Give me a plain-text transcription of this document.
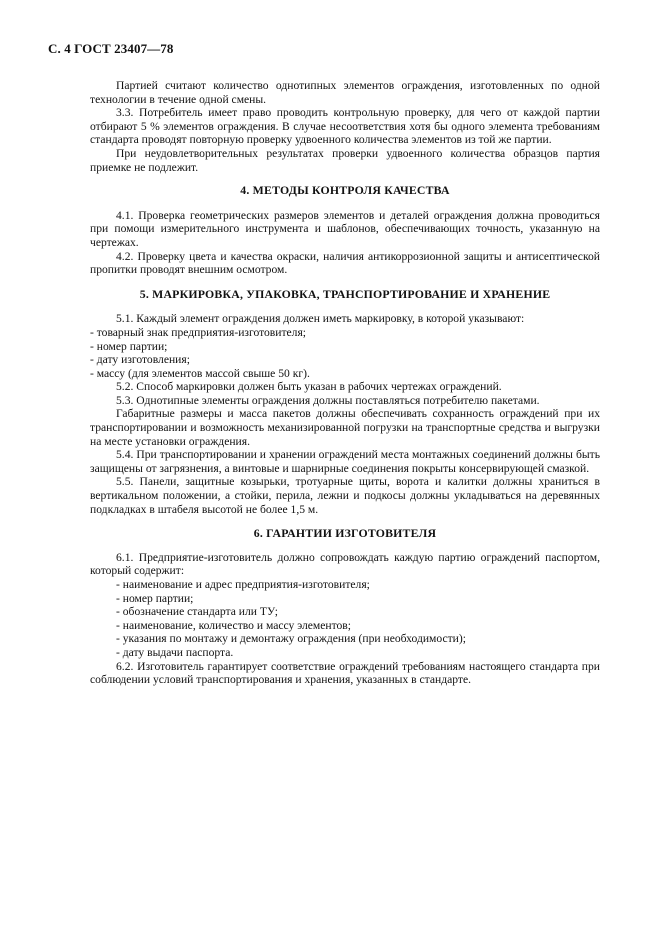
С. 4 ГОСТ 23407—78

Партией считают количество однотипных элементов ограждения, изготовленных по одной технологии в течение одной смены.

3.3. Потребитель имеет право проводить контрольную проверку, для чего от каждой партии отбирают 5 % элементов ограждения. В случае несоответствия хотя бы одного элемента требованиям стандарта проводят повторную проверку удвоенного количества элементов из той же партии.

При неудовлетворительных результатах проверки удвоенного количества образцов партия приемке не подлежит.

4. МЕТОДЫ КОНТРОЛЯ КАЧЕСТВА

4.1. Проверка геометрических размеров элементов и деталей ограждения должна проводиться при помощи измерительного инструмента и шаблонов, обеспечивающих точность, указанную на чертежах.

4.2. Проверку цвета и качества окраски, наличия антикоррозионной защиты и антисептической пропитки проводят внешним осмотром.

5. МАРКИРОВКА, УПАКОВКА, ТРАНСПОРТИРОВАНИЕ И ХРАНЕНИЕ

5.1. Каждый элемент ограждения должен иметь маркировку, в которой указывают:

- товарный знак предприятия-изготовителя;

- номер партии;

- дату изготовления;

- массу (для элементов массой свыше 50 кг).

5.2. Способ маркировки должен быть указан в рабочих чертежах ограждений.

5.3. Однотипные элементы ограждения должны поставляться потребителю пакетами.

Габаритные размеры и масса пакетов должны обеспечивать сохранность ограждений при их транспортировании и возможность механизированной погрузки на транспортные средства и выгрузки на месте установки ограждения.

5.4. При транспортировании и хранении ограждений места монтажных соединений должны быть защищены от загрязнения, а винтовые и шарнирные соединения покрыты консервирующей смазкой.

5.5. Панели, защитные козырьки, тротуарные щиты, ворота и калитки должны храниться в вертикальном положении, а стойки, перила, лежни и подкосы должны укладываться на деревянных подкладках в штабеля высотой не более 1,5 м.

6. ГАРАНТИИ ИЗГОТОВИТЕЛЯ

6.1. Предприятие-изготовитель должно сопровождать каждую партию ограждений паспортом, который содержит:

- наименование и адрес предприятия-изготовителя;

- номер партии;

- обозначение стандарта или ТУ;

- наименование, количество и массу элементов;

- указания по монтажу и демонтажу ограждения (при необходимости);

- дату выдачи паспорта.

6.2. Изготовитель гарантирует соответствие ограждений требованиям настоящего стандарта при соблюдении условий транспортирования и хранения, указанных в стандарте.
